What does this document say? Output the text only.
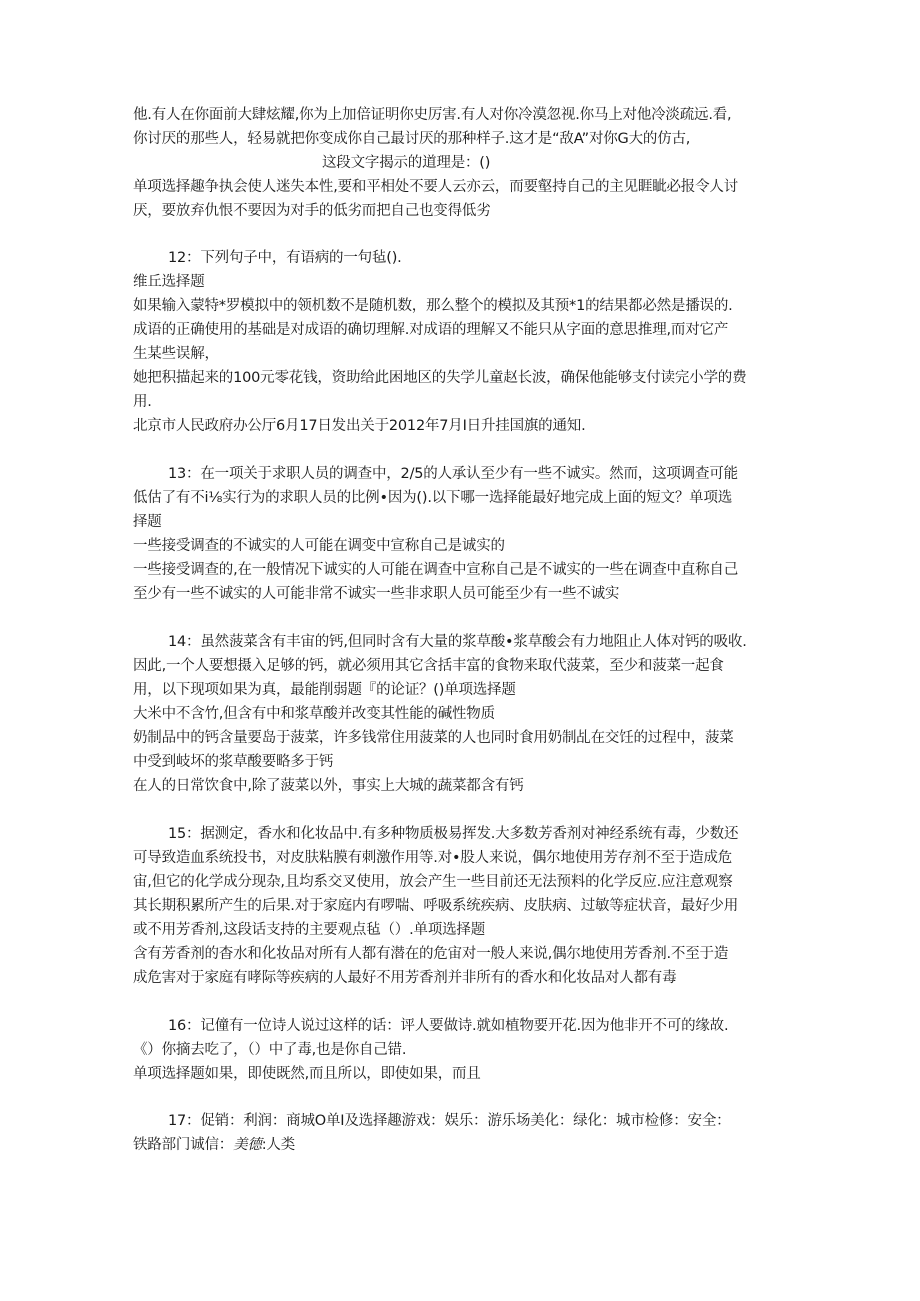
他.有人在你面前大肆炫耀,你为上加倍证明你史厉害.有人对你冷漠忽视.你马上对他冷淡疏远.看,
你讨厌的那些人，轻易就把你变成你自己最讨厌的那种样子.这才是“敌A”对你G大的仿古,
这段文字揭示的道理是：()
单项选择趣争执会使人迷失本性,要和平相处不要人云亦云，而要壑持自己的主见睚眦必报令人讨
厌，要放弃仇恨不要因为对手的低劣而把自己也变得低劣
12：下列句子中，有语病的一句毡().
维丘选择题
如果输入蒙特*罗模拟中的领机数不是随机数，那么整个的模拟及其预*1的结果都必然是播误的.
成语的正确使用的基础是对成语的确切理解.对成语的理解又不能只从字面的意思推理,而对它产
生某些误解，
她把积描起来的100元零花钱，资助给此困地区的失学儿童赵长波，确保他能够支付读完小学的费
用.
北京市人民政府办公厅6月17日发出关于2012年7月I日升挂国旗的通知.
13：在一项关于求职人员的调查中，2/5的人承认至少有一些不诚实。然而，这项调查可能
低估了有不i⅛实行为的求职人员的比例•因为().以下哪一选择能最好地完成上面的短文？单项选
择题
一些接受调查的不诚实的人可能在调变中宣称自己是诚实的
一些接受调查的,在一般情况下诚实的人可能在调查中宣称自己是不诚实的一些在调查中直称自己
至少有一些不诚实的人可能非常不诚实一些非求职人员可能至少有一些不诚实
14：虽然菠菜含有丰宙的钙,但同时含有大量的浆草酸•浆草酸会有力地阻止人体对钙的吸收.
因此,一个人要想摄入足够的钙，就必须用其它含括丰富的食物来取代菠菜，至少和菠菜一起食
用，以下现项如果为真，最能削弱题『的论证？()单项选择题
大米中不含竹,但含有中和浆草酸并改变其性能的碱性物质
奶制品中的钙含量要岛于菠菜，许多钱常住用菠菜的人也同时食用奶制乩在交饪的过程中，菠菜
中受到岐坏的浆草酸要略多于钙
在人的日常饮食中,除了菠菜以外，事实上大城的蔬菜都含有钙
15：据测定，香水和化妆品中.有多种物质极易挥发.大多数芳香剂对神经系统有毒，少数还
可导致造血系统投书，对皮肤粘膜有刺激作用等.对•股人来说，偶尔地使用芳存剂不至于造成危
宙,但它的化学成分现杂,且均系交叉使用，放会产生一些目前还无法预料的化学反应.应注意观察
其长期积累所产生的后果.对于家庭内有啰喘、呼吸系统疾病、皮肤病、过敏等症状音，最好少用
或不用芳香剂,这段话支持的主要观点毡（）.单项选择题
含有芳香剂的杳水和化妆品对所有人都有潜在的危宙对一般人来说,偶尔地使用芳香剂.不至于造
成危害对于家庭有哮际等疾病的人最好不用芳香剂并非所有的香水和化妆品对人都有毒
16：记僮有一位诗人说过这样的话：评人要做诗.就如植物要开花.因为他非开不可的缘故.
《）你摘去吃了，（）中了毒,也是你自己错.
单项选择题如果，即使既然,而且所以，即使如果，而且
17：促销：利润：商城O单I及选择趣游戏：娱乐：游乐场美化：绿化：城市检修：安全：
铁路部门诚信：美德:人类
